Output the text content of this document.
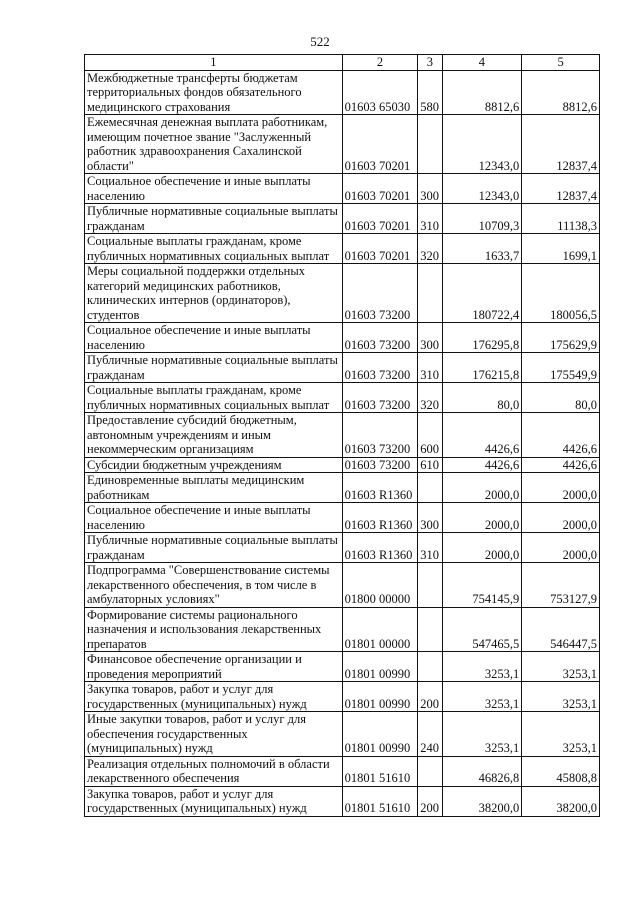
522
1	2	3	4	5
Межбюджетные трансферты бюджетам территориальных фондов обязательного медицинского страхования	01603 65030	580	8812,6	8812,6
Ежемесячная денежная выплата работникам, имеющим почетное звание "Заслуженный работник здравоохранения Сахалинской области"	01603 70201		12343,0	12837,4
Социальное обеспечение и иные выплаты населению	01603 70201	300	12343,0	12837,4
Публичные нормативные социальные выплаты гражданам	01603 70201	310	10709,3	11138,3
Социальные выплаты гражданам, кроме публичных нормативных социальных выплат	01603 70201	320	1633,7	1699,1
Меры социальной поддержки отдельных категорий медицинских работников, клинических интернов (ординаторов), студентов	01603 73200		180722,4	180056,5
Социальное обеспечение и иные выплаты населению	01603 73200	300	176295,8	175629,9
Публичные нормативные социальные выплаты гражданам	01603 73200	310	176215,8	175549,9
Социальные выплаты гражданам, кроме публичных нормативных социальных выплат	01603 73200	320	80,0	80,0
Предоставление субсидий бюджетным, автономным учреждениям и иным некоммерческим организациям	01603 73200	600	4426,6	4426,6
Субсидии бюджетным учреждениям	01603 73200	610	4426,6	4426,6
Единовременные выплаты медицинским работникам	01603 R1360		2000,0	2000,0
Социальное обеспечение и иные выплаты населению	01603 R1360	300	2000,0	2000,0
Публичные нормативные социальные выплаты гражданам	01603 R1360	310	2000,0	2000,0
Подпрограмма "Совершенствование системы лекарственного обеспечения, в том числе в амбулаторных условиях"	01800 00000		754145,9	753127,9
Формирование системы рационального назначения и использования лекарственных препаратов	01801 00000		547465,5	546447,5
Финансовое обеспечение организации и проведения мероприятий	01801 00990		3253,1	3253,1
Закупка товаров, работ и услуг для государственных (муниципальных) нужд	01801 00990	200	3253,1	3253,1
Иные закупки товаров, работ и услуг для обеспечения государственных (муниципальных) нужд	01801 00990	240	3253,1	3253,1
Реализация отдельных полномочий в области лекарственного обеспечения	01801 51610		46826,8	45808,8
Закупка товаров, работ и услуг для государственных (муниципальных) нужд	01801 51610	200	38200,0	38200,0
